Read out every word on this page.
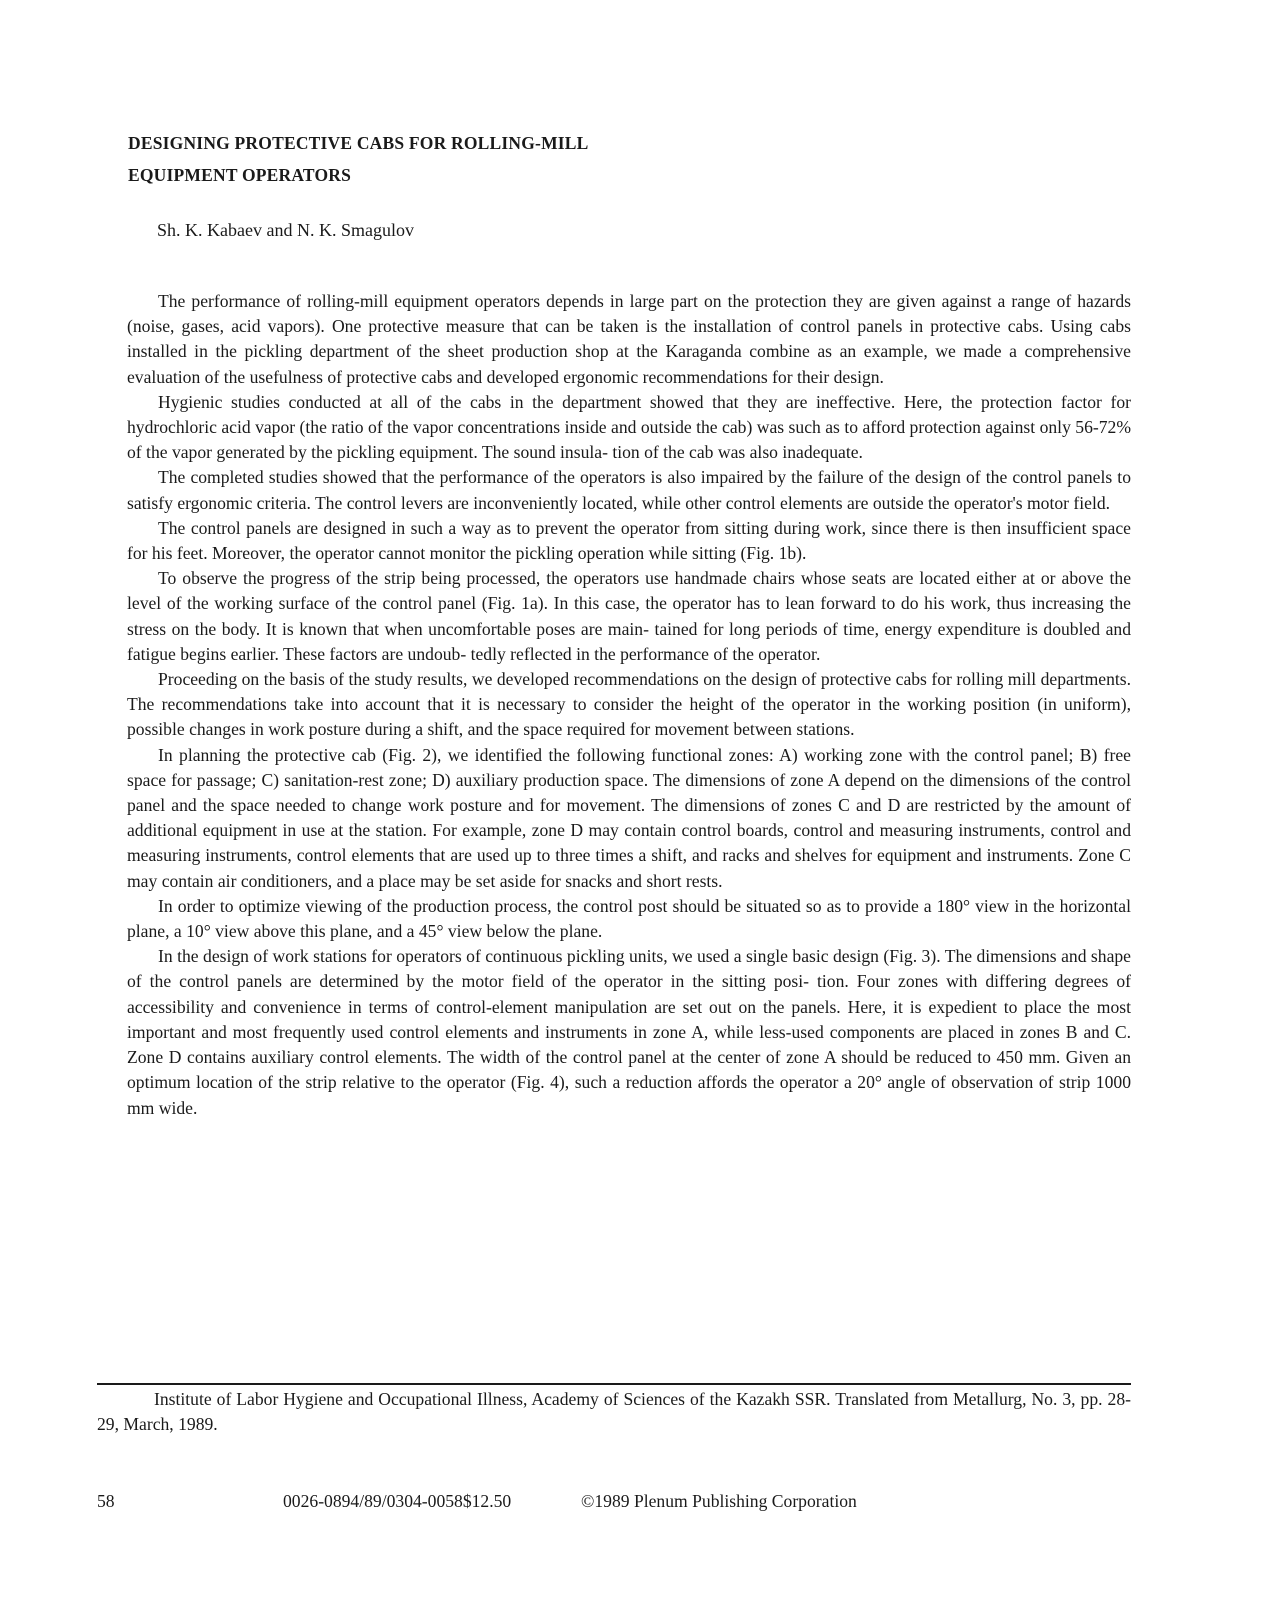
DESIGNING PROTECTIVE CABS FOR ROLLING-MILL
EQUIPMENT OPERATORS
Sh. K. Kabaev and N. K. Smagulov

The performance of rolling-mill equipment operators depends in large part on the protection they are given against a range of hazards (noise, gases, acid vapors). One protective measure that can be taken is the installation of control panels in protective cabs. Using cabs installed in the pickling department of the sheet production shop at the Karaganda combine as an example, we made a comprehensive evaluation of the usefulness of protective cabs and developed ergonomic recommendations for their design.

Hygienic studies conducted at all of the cabs in the department showed that they are ineffective. Here, the protection factor for hydrochloric acid vapor (the ratio of the vapor concentrations inside and outside the cab) was such as to afford protection against only 56-72% of the vapor generated by the pickling equipment. The sound insula- tion of the cab was also inadequate.

The completed studies showed that the performance of the operators is also impaired by the failure of the design of the control panels to satisfy ergonomic criteria. The control levers are inconveniently located, while other control elements are outside the operator's motor field.

The control panels are designed in such a way as to prevent the operator from sitting during work, since there is then insufficient space for his feet. Moreover, the operator cannot monitor the pickling operation while sitting (Fig. 1b).

To observe the progress of the strip being processed, the operators use handmade chairs whose seats are located either at or above the level of the working surface of the control panel (Fig. 1a). In this case, the operator has to lean forward to do his work, thus increasing the stress on the body. It is known that when uncomfortable poses are main- tained for long periods of time, energy expenditure is doubled and fatigue begins earlier. These factors are undoub- tedly reflected in the performance of the operator.

Proceeding on the basis of the study results, we developed recommendations on the design of protective cabs for rolling mill departments. The recommendations take into account that it is necessary to consider the height of the operator in the working position (in uniform), possible changes in work posture during a shift, and the space required for movement between stations.

In planning the protective cab (Fig. 2), we identified the following functional zones: A) working zone with the control panel; B) free space for passage; C) sanitation-rest zone; D) auxiliary production space. The dimensions of zone A depend on the dimensions of the control panel and the space needed to change work posture and for movement. The dimensions of zones C and D are restricted by the amount of additional equipment in use at the station. For example, zone D may contain control boards, control and measuring instruments, control and measuring instruments, control elements that are used up to three times a shift, and racks and shelves for equipment and instruments. Zone C may contain air conditioners, and a place may be set aside for snacks and short rests.

In order to optimize viewing of the production process, the control post should be situated so as to provide a 180° view in the horizontal plane, a 10° view above this plane, and a 45° view below the plane.

In the design of work stations for operators of continuous pickling units, we used a single basic design (Fig. 3). The dimensions and shape of the control panels are determined by the motor field of the operator in the sitting posi- tion. Four zones with differing degrees of accessibility and convenience in terms of control-element manipulation are set out on the panels. Here, it is expedient to place the most important and most frequently used control elements and instruments in zone A, while less-used components are placed in zones B and C. Zone D contains auxiliary control elements. The width of the control panel at the center of zone A should be reduced to 450 mm. Given an optimum location of the strip relative to the operator (Fig. 4), such a reduction affords the operator a 20° angle of observation of strip 1000 mm wide.

Institute of Labor Hygiene and Occupational Illness, Academy of Sciences of the Kazakh SSR. Translated from Metallurg, No. 3, pp. 28-29, March, 1989.

58	0026-0894/89/0304-0058$12.50	©1989 Plenum Publishing Corporation
